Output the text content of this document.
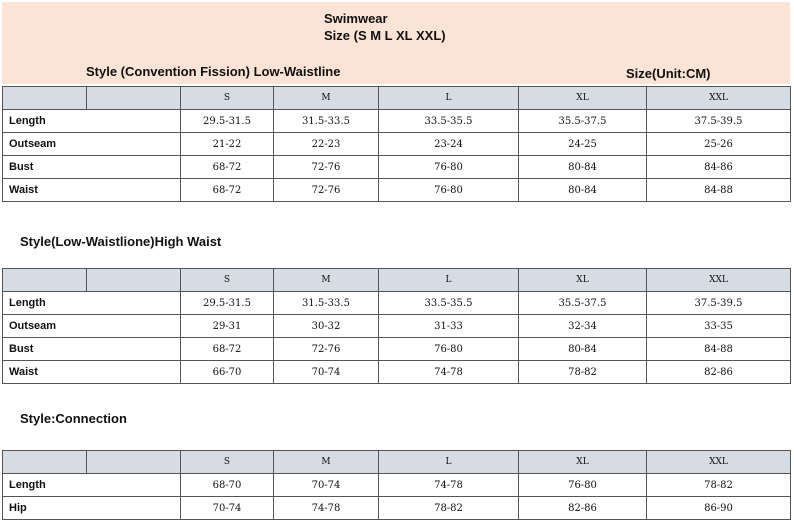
Swimwear
Size (S M L XL XXL)
Style (Convention Fission) Low-Waistline	Size(Unit:CM)
		S	M	L	XL	XXL
Length		29.5-31.5	31.5-33.5	33.5-35.5	35.5-37.5	37.5-39.5
Outseam		21-22	22-23	23-24	24-25	25-26
Bust		68-72	72-76	76-80	80-84	84-86
Waist		68-72	72-76	76-80	80-84	84-88
Style(Low-Waistlione)High Waist
		S	M	L	XL	XXL
Length		29.5-31.5	31.5-33.5	33.5-35.5	35.5-37.5	37.5-39.5
Outseam		29-31	30-32	31-33	32-34	33-35
Bust		68-72	72-76	76-80	80-84	84-88
Waist		66-70	70-74	74-78	78-82	82-86
Style:Connection
		S	M	L	XL	XXL
Length		68-70	70-74	74-78	76-80	78-82
Hip		70-74	74-78	78-82	82-86	86-90
